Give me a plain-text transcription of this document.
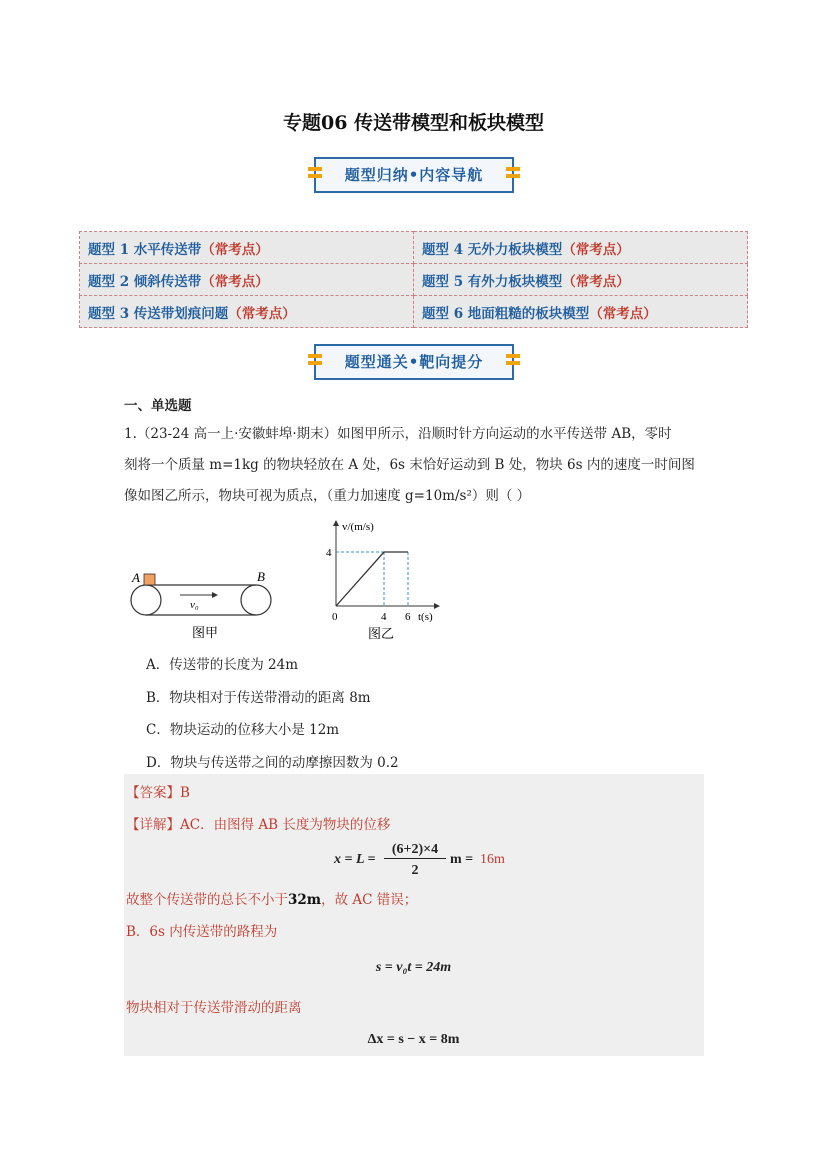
专题06 传送带模型和板块模型
题型归纳•内容导航
题型 1 水平传送带（常考点）	题型 4 无外力板块模型（常考点）
题型 2 倾斜传送带（常考点）	题型 5 有外力板块模型（常考点）
题型 3 传送带划痕问题（常考点）	题型 6 地面粗糙的板块模型（常考点）
题型通关•靶向提分
一、单选题
1.（23-24 高一上·安徽蚌埠·期末）如图甲所示，沿顺时针方向运动的水平传送带 AB，零时
刻将一个质量 m=1kg 的物块轻放在 A 处，6s 末恰好运动到 B 处，物块 6s 内的速度一时间图
像如图乙所示，物块可视为质点，（重力加速度 g=10m/s²）则（ ）
A	B
v₀
图甲
v/(m/s)
4
0	4 6 t(s)
图乙
A．传送带的长度为 24m
B．物块相对于传送带滑动的距离 8m
C．物块运动的位移大小是 12m
D．物块与传送带之间的动摩擦因数为 0.2
【答案】B
【详解】AC．由图得 AB 长度为物块的位移
x = L =
(6+2)×4
2
m = 16m
故整个传送带的总长不小于32m，故 AC 错误；
B．6s 内传送带的路程为
s = v₀t = 24m
物块相对于传送带滑动的距离
Δx = s − x = 8m
